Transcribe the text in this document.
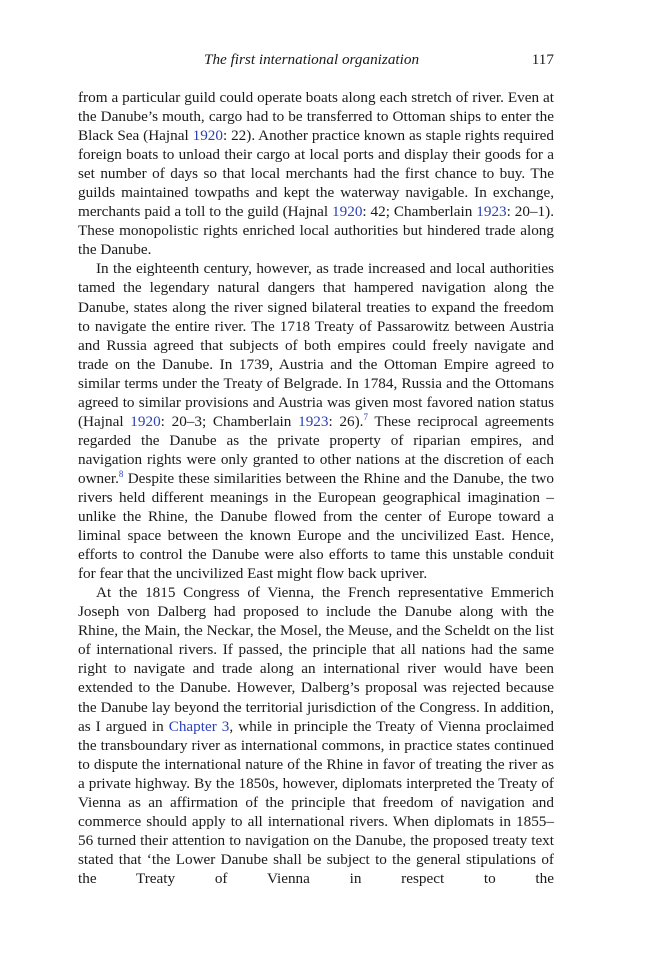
The first international organization	117

from a particular guild could operate boats along each stretch of river. Even at the Danube’s mouth, cargo had to be transferred to Ottoman ships to enter the Black Sea (Hajnal 1920: 22). Another practice known as staple rights required foreign boats to unload their cargo at local ports and display their goods for a set number of days so that local merchants had the first chance to buy. The guilds maintained towpaths and kept the waterway navigable. In exchange, merchants paid a toll to the guild (Hajnal 1920: 42; Chamberlain 1923: 20–1). These monopolistic rights enriched local authorities but hindered trade along the Danube.

In the eighteenth century, however, as trade increased and local authorities tamed the legendary natural dangers that hampered navigation along the Danube, states along the river signed bilateral treaties to expand the freedom to navigate the entire river. The 1718 Treaty of Passarowitz between Austria and Russia agreed that subjects of both empires could freely navigate and trade on the Danube. In 1739, Austria and the Ottoman Empire agreed to similar terms under the Treaty of Belgrade. In 1784, Russia and the Ottomans agreed to similar provisions and Austria was given most favored nation status (Hajnal 1920: 20–3; Chamberlain 1923: 26).$^7$ These reciprocal agreements regarded the Danube as the private property of riparian empires, and navigation rights were only granted to other nations at the discretion of each owner.$^8$ Despite these similarities between the Rhine and the Danube, the two rivers held different meanings in the European geographical imagination – unlike the Rhine, the Danube flowed from the center of Europe toward a liminal space between the known Europe and the uncivilized East. Hence, efforts to control the Danube were also efforts to tame this unstable conduit for fear that the uncivilized East might flow back upriver.

At the 1815 Congress of Vienna, the French representative Emmerich Joseph von Dalberg had proposed to include the Danube along with the Rhine, the Main, the Neckar, the Mosel, the Meuse, and the Scheldt on the list of international rivers. If passed, the principle that all nations had the same right to navigate and trade along an international river would have been extended to the Danube. However, Dalberg’s proposal was rejected because the Danube lay beyond the territorial jurisdiction of the Congress. In addition, as I argued in Chapter 3, while in principle the Treaty of Vienna proclaimed the transboundary river as international commons, in practice states continued to dispute the international nature of the Rhine in favor of treating the river as a private highway. By the 1850s, however, diplomats interpreted the Treaty of Vienna as an affirmation of the principle that freedom of navigation and commerce should apply to all international rivers. When diplomats in 1855–56 turned their attention to navigation on the Danube, the proposed treaty text stated that ‘the Lower Danube shall be subject to the general stipulations of the Treaty of Vienna in respect to the
